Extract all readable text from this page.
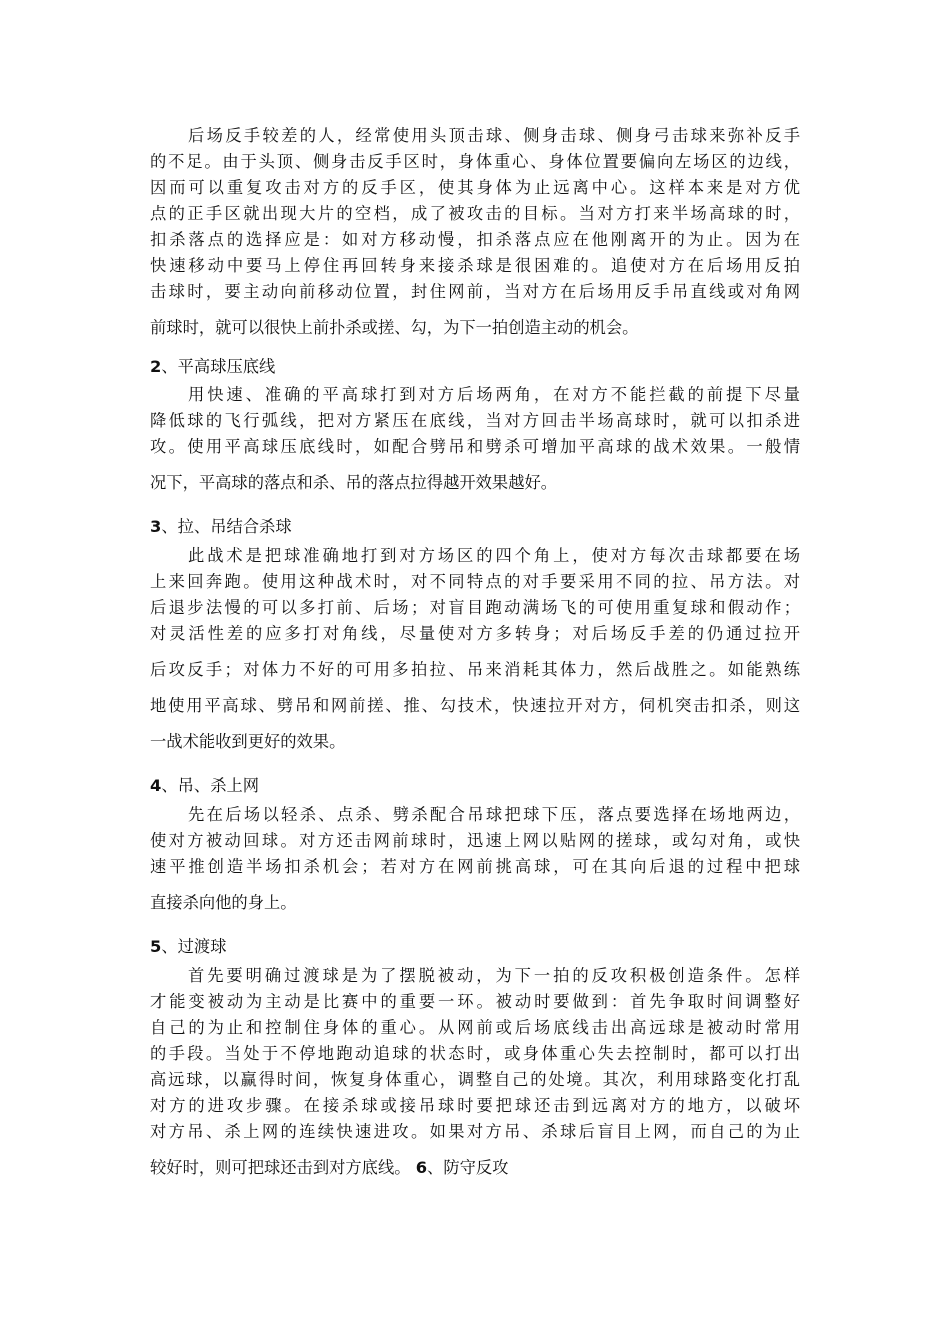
后场反手较差的人，经常使用头顶击球、侧身击球、侧身弓击球来弥补反手
的不足。由于头顶、侧身击反手区时，身体重心、身体位置要偏向左场区的边线，
因而可以重复攻击对方的反手区，使其身体为止远离中心。这样本来是对方优
点的正手区就出现大片的空档，成了被攻击的目标。当对方打来半场高球的时，
扣杀落点的选择应是：如对方移动慢，扣杀落点应在他刚离开的为止。因为在
快速移动中要马上停住再回转身来接杀球是很困难的。追使对方在后场用反拍
击球时，要主动向前移动位置，封住网前，当对方在后场用反手吊直线或对角网
前球时，就可以很快上前扑杀或搓、勾，为下一拍创造主动的机会。
2、平高球压底线
用快速、准确的平高球打到对方后场两角，在对方不能拦截的前提下尽量
降低球的飞行弧线，把对方紧压在底线，当对方回击半场高球时，就可以扣杀进
攻。使用平高球压底线时，如配合劈吊和劈杀可增加平高球的战术效果。一般情
况下，平高球的落点和杀、吊的落点拉得越开效果越好。
3、拉、吊结合杀球
此战术是把球准确地打到对方场区的四个角上，使对方每次击球都要在场
上来回奔跑。使用这种战术时，对不同特点的对手要采用不同的拉、吊方法。对
后退步法慢的可以多打前、后场；对盲目跑动满场飞的可使用重复球和假动作；
对灵活性差的应多打对角线，尽量使对方多转身；对后场反手差的仍通过拉开
后攻反手；对体力不好的可用多拍拉、吊来消耗其体力，然后战胜之。如能熟练
地使用平高球、劈吊和网前搓、推、勾技术，快速拉开对方，伺机突击扣杀，则这
一战术能收到更好的效果。
4、吊、杀上网
先在后场以轻杀、点杀、劈杀配合吊球把球下压，落点要选择在场地两边，
使对方被动回球。对方还击网前球时，迅速上网以贴网的搓球，或勾对角，或快
速平推创造半场扣杀机会；若对方在网前挑高球，可在其向后退的过程中把球
直接杀向他的身上。
5、过渡球
首先要明确过渡球是为了摆脱被动，为下一拍的反攻积极创造条件。怎样
才能变被动为主动是比赛中的重要一环。被动时要做到：首先争取时间调整好
自己的为止和控制住身体的重心。从网前或后场底线击出高远球是被动时常用
的手段。当处于不停地跑动追球的状态时，或身体重心失去控制时，都可以打出
高远球，以赢得时间，恢复身体重心，调整自己的处境。其次，利用球路变化打乱
对方的进攻步骤。在接杀球或接吊球时要把球还击到远离对方的地方，以破坏
对方吊、杀上网的连续快速进攻。如果对方吊、杀球后盲目上网，而自己的为止
较好时，则可把球还击到对方底线。 6、防守反攻
